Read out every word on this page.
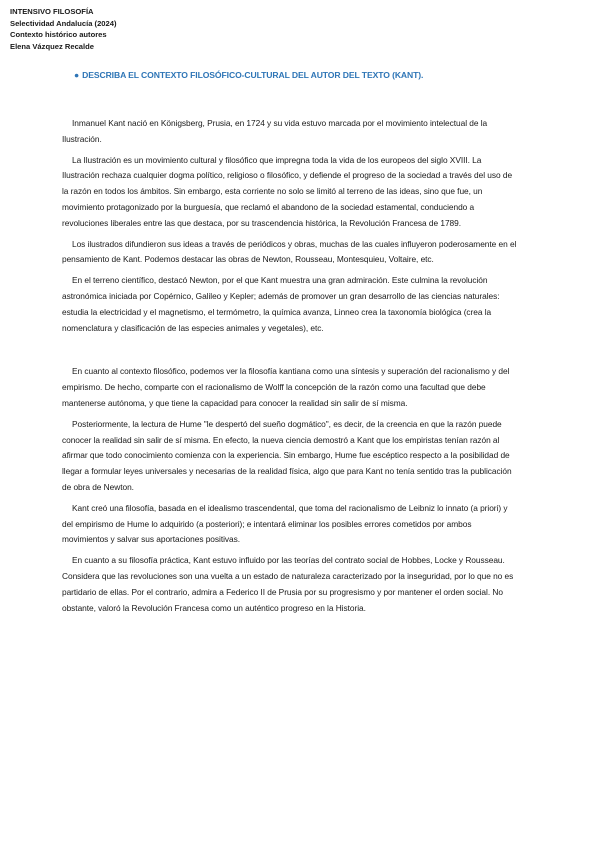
INTENSIVO FILOSOFÍA
Selectividad Andalucía (2024)
Contexto histórico autores
Elena Vázquez Recalde
● DESCRIBA EL CONTEXTO FILOSÓFICO-CULTURAL DEL AUTOR DEL TEXTO (KANT).

Inmanuel Kant nació en Königsberg, Prusia, en 1724 y su vida estuvo marcada por el movimiento intelectual de la Ilustración.

La Ilustración es un movimiento cultural y filosófico que impregna toda la vida de los europeos del siglo XVIII. La Ilustración rechaza cualquier dogma político, religioso o filosófico, y defiende el progreso de la sociedad a través del uso de la razón en todos los ámbitos. Sin embargo, esta corriente no solo se limitó al terreno de las ideas, sino que fue, un movimiento protagonizado por la burguesía, que reclamó el abandono de la sociedad estamental, conduciendo a revoluciones liberales entre las que destaca, por su trascendencia histórica, la Revolución Francesa de 1789.

Los ilustrados difundieron sus ideas a través de periódicos y obras, muchas de las cuales influyeron poderosamente en el pensamiento de Kant. Podemos destacar las obras de Newton, Rousseau, Montesquieu, Voltaire, etc.

En el terreno científico, destacó Newton, por el que Kant muestra una gran admiración. Este culmina la revolución astronómica iniciada por Copérnico, Galileo y Kepler; además de promover un gran desarrollo de las ciencias naturales: estudia la electricidad y el magnetismo, el termómetro, la química avanza, Linneo crea la taxonomía biológica (crea la nomenclatura y clasificación de las especies animales y vegetales), etc.

En cuanto al contexto filosófico, podemos ver la filosofía kantiana como una síntesis y superación del racionalismo y del empirismo. De hecho, comparte con el racionalismo de Wolff la concepción de la razón como una facultad que debe mantenerse autónoma, y que tiene la capacidad para conocer la realidad sin salir de sí misma.

Posteriormente, la lectura de Hume "le despertó del sueño dogmático", es decir, de la creencia en que la razón puede conocer la realidad sin salir de sí misma. En efecto, la nueva ciencia demostró a Kant que los empiristas tenían razón al afirmar que todo conocimiento comienza con la experiencia. Sin embargo, Hume fue escéptico respecto a la posibilidad de llegar a formular leyes universales y necesarias de la realidad física, algo que para Kant no tenía sentido tras la publicación de obra de Newton.

Kant creó una filosofía, basada en el idealismo trascendental, que toma del racionalismo de Leibniz lo innato (a priori) y del empirismo de Hume lo adquirido (a posteriori); e intentará eliminar los posibles errores cometidos por ambos movimientos y salvar sus aportaciones positivas.

En cuanto a su filosofía práctica, Kant estuvo influido por las teorías del contrato social de Hobbes, Locke y Rousseau. Considera que las revoluciones son una vuelta a un estado de naturaleza caracterizado por la inseguridad, por lo que no es partidario de ellas. Por el contrario, admira a Federico II de Prusia por su progresismo y por mantener el orden social. No obstante, valoró la Revolución Francesa como un auténtico progreso en la Historia.
